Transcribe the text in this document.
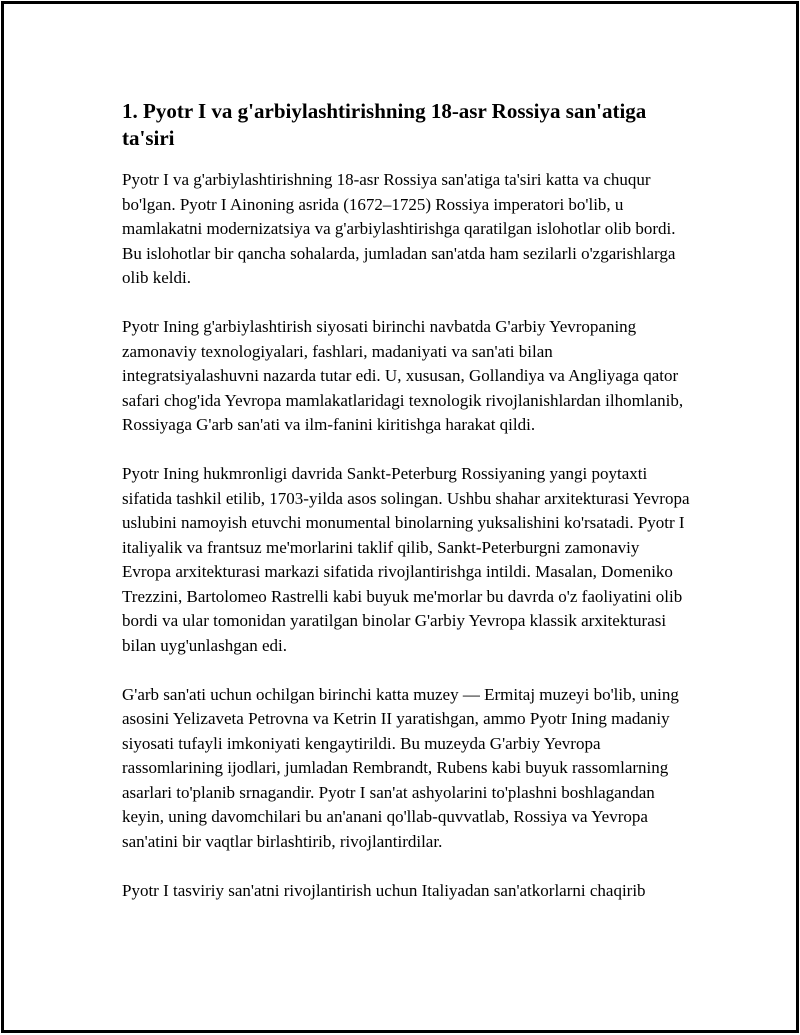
1. Pyotr I va g'arbiylashtirishning 18-asr Rossiya san'atiga ta'siri

Pyotr I va g'arbiylashtirishning 18-asr Rossiya san'atiga ta'siri katta va chuqur bo'lgan. Pyotr I Ainoning asrida (1672–1725) Rossiya imperatori bo'lib, u mamlakatni modernizatsiya va g'arbiylashtirishga qaratilgan islohotlar olib bordi. Bu islohotlar bir qancha sohalarda, jumladan san'atda ham sezilarli o'zgarishlarga olib keldi.

Pyotr Ining g'arbiylashtirish siyosati birinchi navbatda G'arbiy Yevropaning zamonaviy texnologiyalari, fashlari, madaniyati va san'ati bilan integratsiyalashuvni nazarda tutar edi. U, xususan, Gollandiya va Angliyaga qator safari chog'ida Yevropa mamlakatlaridagi texnologik rivojlanishlardan ilhomlanib, Rossiyaga G'arb san'ati va ilm-fanini kiritishga harakat qildi.

Pyotr Ining hukmronligi davrida Sankt-Peterburg Rossiyaning yangi poytaxti sifatida tashkil etilib, 1703-yilda asos solingan. Ushbu shahar arxitekturasi Yevropa uslubini namoyish etuvchi monumental binolarning yuksalishini ko'rsatadi. Pyotr I italiyalik va frantsuz me'morlarini taklif qilib, Sankt-Peterburgni zamonaviy Evropa arxitekturasi markazi sifatida rivojlantirishga intildi. Masalan, Domeniko Trezzini, Bartolomeo Rastrelli kabi buyuk me'morlar bu davrda o'z faoliyatini olib bordi va ular tomonidan yaratilgan binolar G'arbiy Yevropa klassik arxitekturasi bilan uyg'unlashgan edi.

G'arb san'ati uchun ochilgan birinchi katta muzey — Ermitaj muzeyi bo'lib, uning asosini Yelizaveta Petrovna va Ketrin II yaratishgan, ammo Pyotr Ining madaniy siyosati tufayli imkoniyati kengaytirildi. Bu muzeyda G'arbiy Yevropa rassomlarining ijodlari, jumladan Rembrandt, Rubens kabi buyuk rassomlarning asarlari to'planib srnagandir. Pyotr I san'at ashyolarini to'plashni boshlagandan keyin, uning davomchilari bu an'anani qo'llab-quvvatlab, Rossiya va Yevropa san'atini bir vaqtlar birlashtirib, rivojlantirdilar.

Pyotr I tasviriy san'atni rivojlantirish uchun Italiyadan san'atkorlarni chaqirib
